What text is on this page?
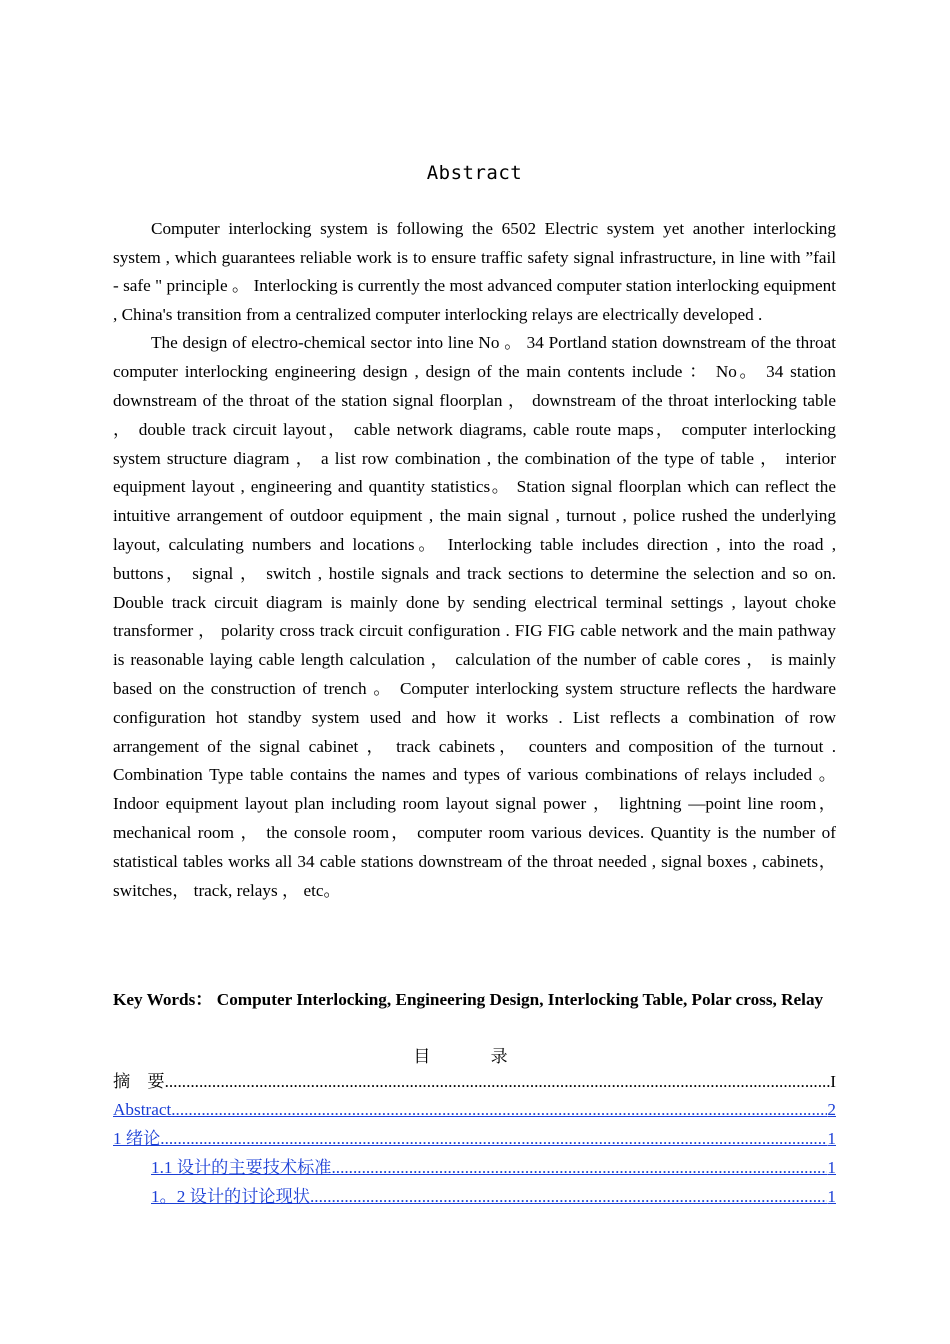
Abstract

Computer interlocking system is following the 6502 Electric system yet another interlocking system , which guarantees reliable work is to ensure traffic safety signal infrastructure, in line with ”fail - safe " principle 。 Interlocking is currently the most advanced computer station interlocking equipment , China's transition from a centralized computer interlocking relays are electrically developed .

The design of electro-chemical sector into line No 。 34 Portland station downstream of the throat computer interlocking engineering design , design of the main contents include ： No。 34 station downstream of the throat of the station signal floorplan ， downstream of the throat interlocking table ， double track circuit layout， cable network diagrams, cable route maps， computer interlocking system structure diagram ， a list row combination , the combination of the type of table ， interior equipment layout , engineering and quantity statistics。 Station signal floorplan which can reflect the intuitive arrangement of outdoor equipment , the main signal , turnout , police rushed the underlying layout, calculating numbers and locations。 Interlocking table includes direction , into the road , buttons， signal ， switch , hostile signals and track sections to determine the selection and so on. Double track circuit diagram is mainly done by sending electrical terminal settings , layout choke transformer ， polarity cross track circuit configuration . FIG FIG cable network and the main pathway is reasonable laying cable length calculation ， calculation of the number of cable cores ， is mainly based on the construction of trench 。 Computer interlocking system structure reflects the hardware configuration hot standby system used and how it works . List reflects a combination of row arrangement of the signal cabinet ， track cabinets， counters and composition of the turnout . Combination Type table contains the names and types of various combinations of relays included 。 Indoor equipment layout plan including room layout signal power ， lightning —point line room， mechanical room ， the console room， computer room various devices. Quantity is the number of statistical tables works all 34 cable stations downstream of the throat needed , signal boxes , cabinets， switches， track, relays ， etc。

Key Words： Computer Interlocking, Engineering Design, Interlocking Table, Polar cross, Relay
目 录
摘　要 .....	I
Abstract .....	2
1 绪论 .....	1
1.1 设计的主要技术标准 .....	1
1。2 设计的讨论现状 .....	1
